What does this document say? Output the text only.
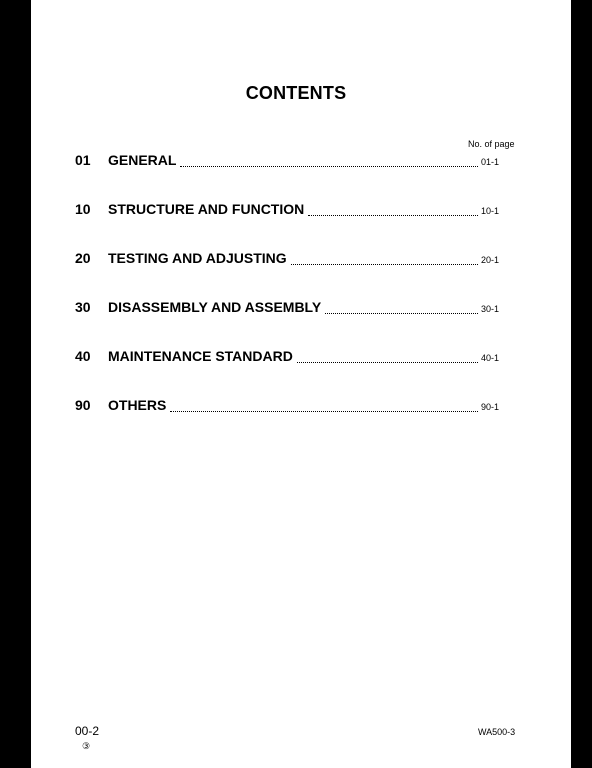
CONTENTS
No. of page
01	GENERAL	01-1
10	STRUCTURE AND FUNCTION	10-1
20	TESTING AND ADJUSTING	20-1
30	DISASSEMBLY AND ASSEMBLY	30-1
40	MAINTENANCE STANDARD	40-1
90	OTHERS	90-1
00-2
③
WA500-3
